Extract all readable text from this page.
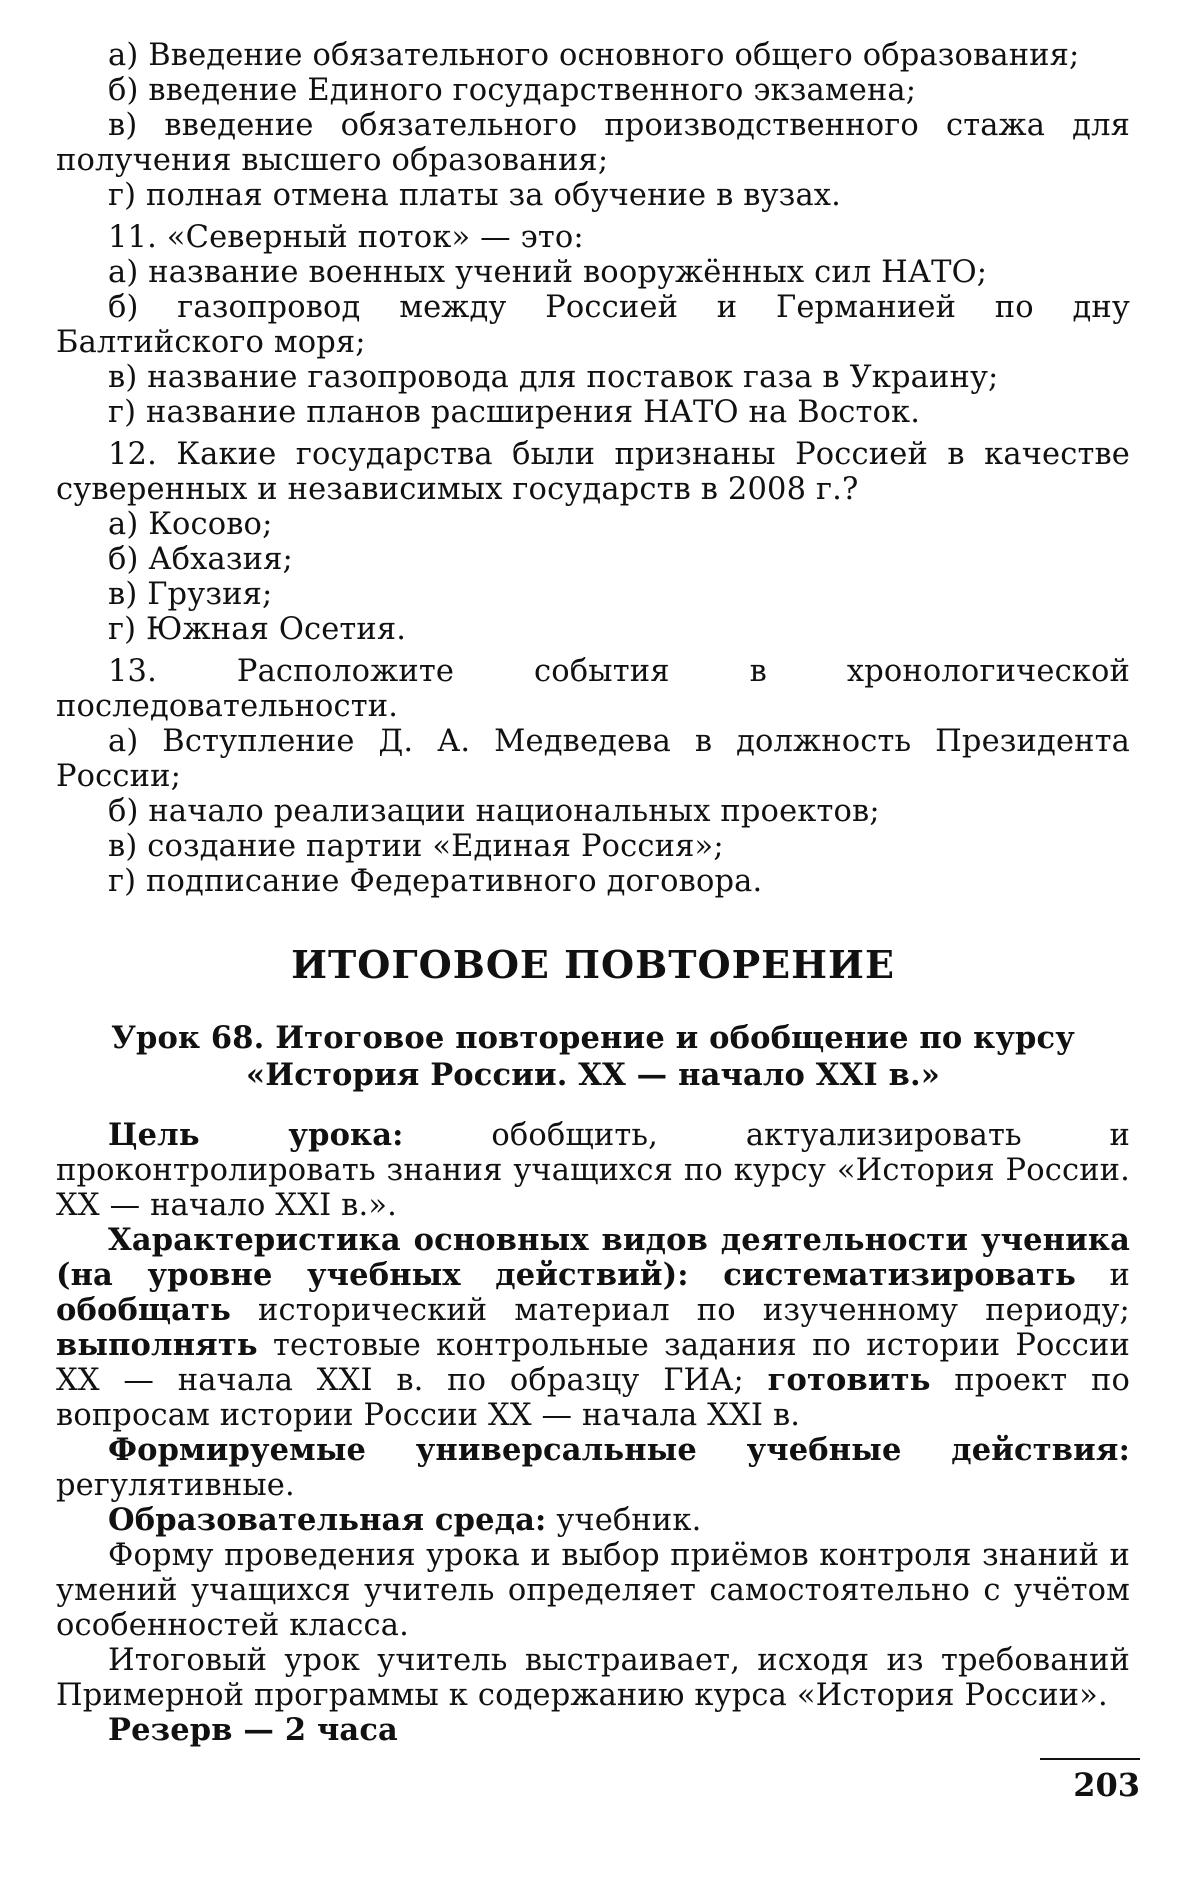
а) Введение обязательного основного общего образования;

б) введение Единого государственного экзамена;

в) введение обязательного производственного стажа для получения высшего образования;

г) полная отмена платы за обучение в вузах.

11. «Северный поток» — это:

а) название военных учений вооружённых сил НАТО;

б) газопровод между Россией и Германией по дну Балтийского моря;

в) название газопровода для поставок газа в Украину;

г) название планов расширения НАТО на Восток.

12. Какие государства были признаны Россией в качестве суверенных и независимых государств в 2008 г.?

а) Косово;

б) Абхазия;

в) Грузия;

г) Южная Осетия.

13. Расположите события в хронологической последовательности.

а) Вступление Д. А. Медведева в должность Президента России;

б) начало реализации национальных проектов;

в) создание партии «Единая Россия»;

г) подписание Федеративного договора.

ИТОГОВОЕ ПОВТОРЕНИЕ
Урок 68. Итоговое повторение и обобщение по курсу
«История России. XX — начало XXI в.»

Цель урока: обобщить, актуализировать и проконтролировать знания учащихся по курсу «История России. XX — начало XXI в.».

Характеристика основных видов деятельности ученика (на уровне учебных действий): систематизировать и обобщать исторический материал по изученному периоду; выполнять тестовые контрольные задания по истории России XX — начала XXI в. по образцу ГИА; готовить проект по вопросам истории России XX — начала XXI в.

Формируемые универсальные учебные действия: регулятивные.

Образовательная среда: учебник.

Форму проведения урока и выбор приёмов контроля знаний и умений учащихся учитель определяет самостоятельно с учётом особенностей класса.

Итоговый урок учитель выстраивает, исходя из требований Примерной программы к содержанию курса «История России».

Резерв — 2 часа

203
